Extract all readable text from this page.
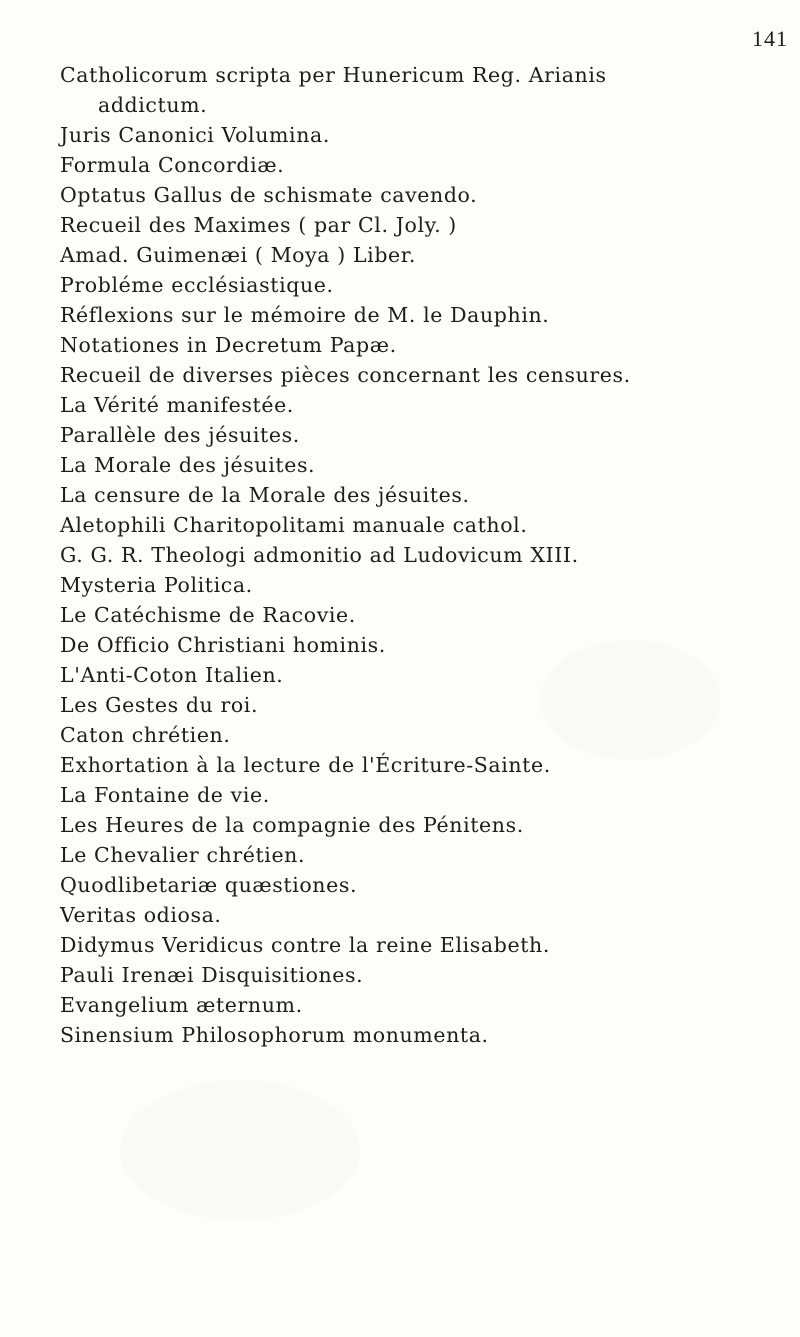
141
Catholicorum scripta per Hunericum Reg. Arianis
addictum.
Juris Canonici Volumina.
Formula Concordiæ.
Optatus Gallus de schismate cavendo.
Recueil des Maximes ( par Cl. Joly. )
Amad. Guimenæi ( Moya ) Liber.
Probléme ecclésiastique.
Réflexions sur le mémoire de M. le Dauphin.
Notationes in Decretum Papæ.
Recueil de diverses pièces concernant les censures.
La Vérité manifestée.
Parallèle des jésuites.
La Morale des jésuites.
La censure de la Morale des jésuites.
Aletophili Charitopolitami manuale cathol.
G. G. R. Theologi admonitio ad Ludovicum XIII.
Mysteria Politica.
Le Catéchisme de Racovie.
De Officio Christiani hominis.
L'Anti-Coton Italien.
Les Gestes du roi.
Caton chrétien.
Exhortation à la lecture de l'Écriture-Sainte.
La Fontaine de vie.
Les Heures de la compagnie des Pénitens.
Le Chevalier chrétien.
Quodlibetariæ quæstiones.
Veritas odiosa.
Didymus Veridicus contre la reine Elisabeth.
Pauli Irenæi Disquisitiones.
Evangelium æternum.
Sinensium Philosophorum monumenta.
